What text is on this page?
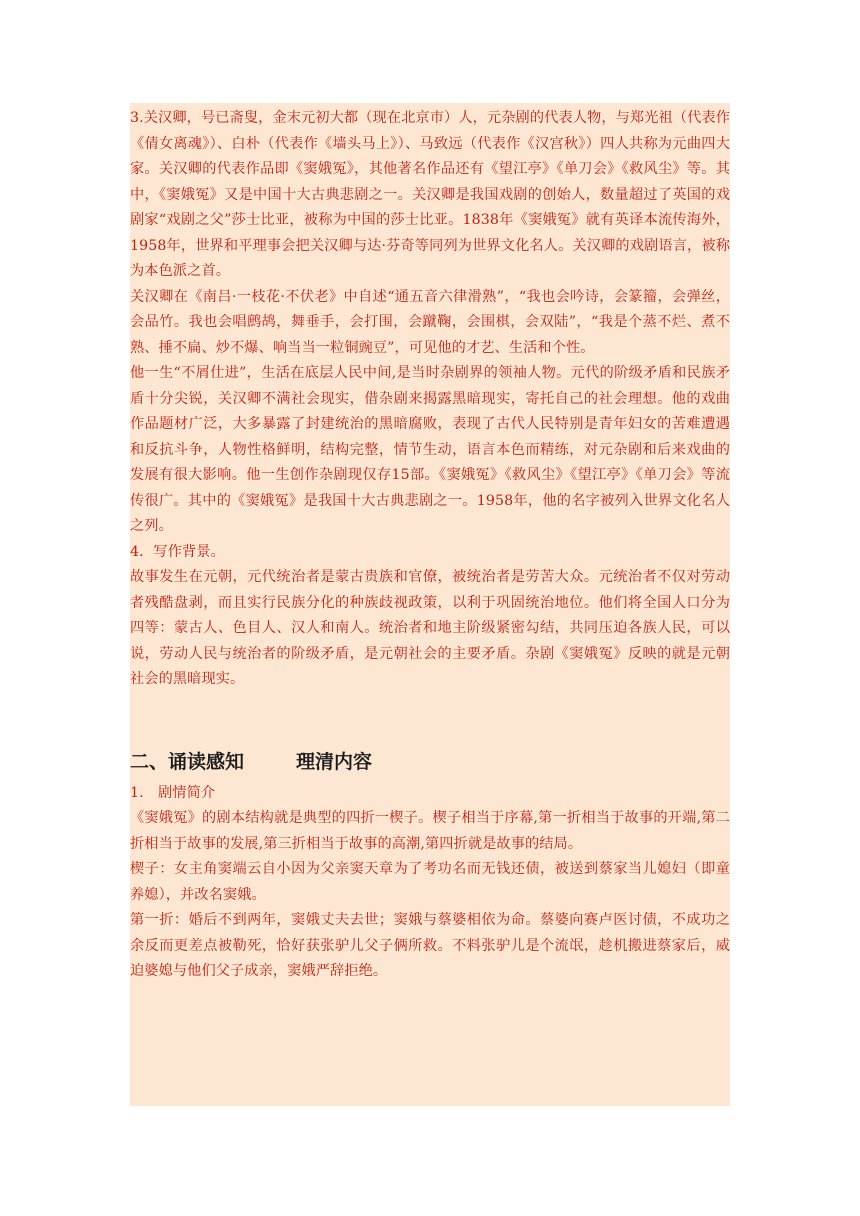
3.关汉卿，号已斋叟，金末元初大都（现在北京市）人，元杂剧的代表人物，与郑光祖（代表作《倩女离魂》）、白朴（代表作《墙头马上》）、马致远（代表作《汉宫秋》）四人共称为元曲四大家。关汉卿的代表作品即《窦娥冤》，其他著名作品还有《望江亭》《单刀会》《救风尘》等。其中，《窦娥冤》又是中国十大古典悲剧之一。关汉卿是我国戏剧的创始人，数量超过了英国的戏剧家“戏剧之父”莎士比亚，被称为中国的莎士比亚。1838年《窦娥冤》就有英译本流传海外，1958年，世界和平理事会把关汉卿与达·芬奇等同列为世界文化名人。关汉卿的戏剧语言，被称为本色派之首。

关汉卿在《南吕·一枝花·不伏老》中自述“通五音六律滑熟”，“我也会吟诗，会篆籀，会弹丝，会品竹。我也会唱鹧鸪，舞垂手，会打围，会蹴鞠，会围棋，会双陆”，“我是个蒸不烂、煮不熟、捶不扁、炒不爆、响当当一粒铜豌豆”，可见他的才艺、生活和个性。

他一生“不屑仕进”，生活在底层人民中间,是当时杂剧界的领袖人物。元代的阶级矛盾和民族矛盾十分尖锐，关汉卿不满社会现实，借杂剧来揭露黑暗现实，寄托自己的社会理想。他的戏曲作品题材广泛，大多暴露了封建统治的黑暗腐败，表现了古代人民特别是青年妇女的苦难遭遇和反抗斗争，人物性格鲜明，结构完整，情节生动，语言本色而精练，对元杂剧和后来戏曲的发展有很大影响。他一生创作杂剧现仅存15部。《窦娥冤》《救风尘》《望江亭》《单刀会》等流传很广。其中的《窦娥冤》是我国十大古典悲剧之一。1958年，他的名字被列入世界文化名人之列。

4．写作背景。

故事发生在元朝，元代统治者是蒙古贵族和官僚，被统治者是劳苦大众。元统治者不仅对劳动者残酷盘剥，而且实行民族分化的种族歧视政策，以利于巩固统治地位。他们将全国人口分为四等：蒙古人、色目人、汉人和南人。统治者和地主阶级紧密勾结，共同压迫各族人民，可以说，劳动人民与统治者的阶级矛盾，是元朝社会的主要矛盾。杂剧《窦娥冤》反映的就是元朝社会的黑暗现实。

二、诵读感知	理清内容

1.　剧情简介

《窦娥冤》的剧本结构就是典型的四折一楔子。楔子相当于序幕,第一折相当于故事的开端,第二折相当于故事的发展,第三折相当于故事的高潮,第四折就是故事的结局。

楔子：女主角窦端云自小因为父亲窦天章为了考功名而无钱还债，被送到蔡家当儿媳妇（即童养媳），并改名窦娥。

第一折：婚后不到两年，窦娥丈夫去世；窦娥与蔡婆相依为命。蔡婆向赛卢医讨债，不成功之余反而更差点被勒死，恰好获张驴儿父子俩所救。不料张驴儿是个流氓，趁机搬进蔡家后，威迫婆媳与他们父子成亲，窦娥严辞拒绝。
